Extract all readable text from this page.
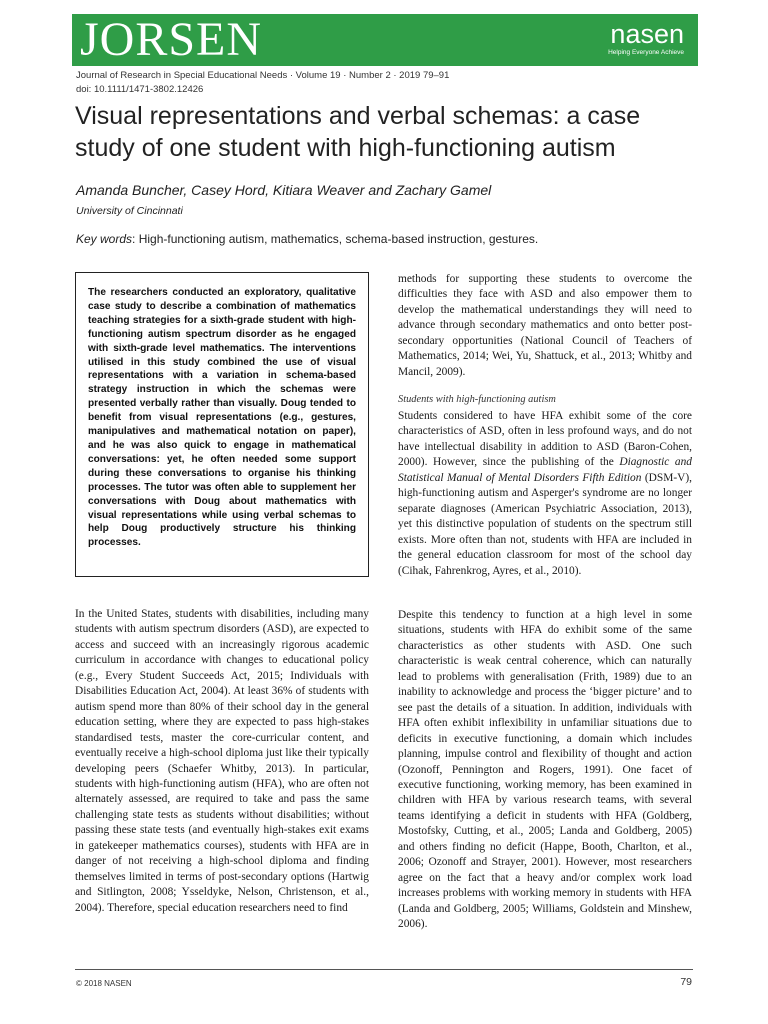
JORSEN	nasen
Helping Everyone Achieve
Journal of Research in Special Educational Needs · Volume 19 · Number 2 · 2019 79–91
doi: 10.1111/1471-3802.12426
Visual representations and verbal schemas: a case study of one student with high-functioning autism
Amanda Buncher, Casey Hord, Kitiara Weaver and Zachary Gamel
University of Cincinnati
Key words: High-functioning autism, mathematics, schema-based instruction, gestures.

The researchers conducted an exploratory, qualitative case study to describe a combination of mathematics teaching strategies for a sixth-grade student with high-functioning autism spectrum disorder as he engaged with sixth-grade level mathematics. The interventions utilised in this study combined the use of visual representations with a variation in schema-based strategy instruction in which the schemas were presented verbally rather than visually. Doug tended to benefit from visual representations (e.g., gestures, manipulatives and mathematical notation on paper), and he was also quick to engage in mathematical conversations: yet, he often needed some support during these conversations to organise his thinking processes. The tutor was often able to supplement her conversations with Doug about mathematics with visual representations while using verbal schemas to help Doug productively structure his thinking processes.

In the United States, students with disabilities, including many students with autism spectrum disorders (ASD), are expected to access and succeed with an increasingly rigorous academic curriculum in accordance with changes to educational policy (e.g., Every Student Succeeds Act, 2015; Individuals with Disabilities Education Act, 2004). At least 36% of students with autism spend more than 80% of their school day in the general education setting, where they are expected to pass high-stakes standardised tests, master the core-curricular content, and eventually receive a high-school diploma just like their typically developing peers (Schaefer Whitby, 2013). In particular, students with high-functioning autism (HFA), who are often not alternately assessed, are required to take and pass the same challenging state tests as students without disabilities; without passing these state tests (and eventually high-stakes exit exams in gatekeeper mathematics courses), students with HFA are in danger of not receiving a high-school diploma and finding themselves limited in terms of post-secondary options (Hartwig and Sitlington, 2008; Ysseldyke, Nelson, Christenson, et al., 2004). Therefore, special education researchers need to find

methods for supporting these students to overcome the difficulties they face with ASD and also empower them to develop the mathematical understandings they will need to advance through secondary mathematics and onto better post-secondary opportunities (National Council of Teachers of Mathematics, 2014; Wei, Yu, Shattuck, et al., 2013; Whitby and Mancil, 2009).

Students with high-functioning autism

Students considered to have HFA exhibit some of the core characteristics of ASD, often in less profound ways, and do not have intellectual disability in addition to ASD (Baron-Cohen, 2000). However, since the publishing of the Diagnostic and Statistical Manual of Mental Disorders Fifth Edition (DSM-V), high-functioning autism and Asperger's syndrome are no longer separate diagnoses (American Psychiatric Association, 2013), yet this distinctive population of students on the spectrum still exists. More often than not, students with HFA are included in the general education classroom for most of the school day (Cihak, Fahrenkrog, Ayres, et al., 2010).

Despite this tendency to function at a high level in some situations, students with HFA do exhibit some of the same characteristics as other students with ASD. One such characteristic is weak central coherence, which can naturally lead to problems with generalisation (Frith, 1989) due to an inability to acknowledge and process the ‘bigger picture’ and to see past the details of a situation. In addition, individuals with HFA often exhibit inflexibility in unfamiliar situations due to deficits in executive functioning, a domain which includes planning, impulse control and flexibility of thought and action (Ozonoff, Pennington and Rogers, 1991). One facet of executive functioning, working memory, has been examined in children with HFA by various research teams, with several teams identifying a deficit in students with HFA (Goldberg, Mostofsky, Cutting, et al., 2005; Landa and Goldberg, 2005) and others finding no deficit (Happe, Booth, Charlton, et al., 2006; Ozonoff and Strayer, 2001). However, most researchers agree on the fact that a heavy and/or complex work load increases problems with working memory in students with HFA (Landa and Goldberg, 2005; Williams, Goldstein and Minshew, 2006).

© 2018 NASEN	79
